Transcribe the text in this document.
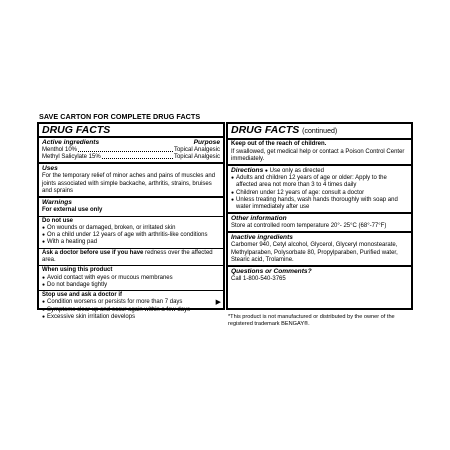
SAVE CARTON FOR COMPLETE DRUG FACTS
DRUG FACTS
Active ingredients	Purpose
Menthol 10%	Topical Analgesic
Methyl Salicylate 15%	Topical Analgesic
Uses
For the temporary relief of minor aches and pains of muscles and joints associated with simple backache, arthritis, strains, bruises and sprains
Warnings
For external use only
Do not use
● On wounds or damaged, broken, or irritated skin
● On a child under 12 years of age with arthritis-like conditions
● With a heating pad
Ask a doctor before use if you have redness over the affected area.
When using this product
● Avoid contact with eyes or mucous membranes
● Do not bandage tightly
Stop use and ask a doctor if
● Condition worsens or persists for more than 7 days
● Symptoms clear up and occur again within a few days
● Excessive skin irritation develops
▶
DRUG FACTS (continued)
Keep out of the reach of children.
If swallowed, get medical help or contact a Poison Control Center immediately.
Directions ● Use only as directed
● Adults and children 12 years of age or older: Apply to the affected area not more than 3 to 4 times daily
● Children under 12 years of age: consult a doctor
● Unless treating hands, wash hands thoroughly with soap and water immediately after use
Other information
Store at controlled room temperature 20°- 25°C (68°-77°F)
Inactive ingredients
Carbomer 940, Cetyl alcohol, Glycerol, Glyceryl monostearate, Methylparaben, Polysorbate 80, Propylparaben, Purified water, Stearic acid, Trolamine.
Questions or Comments?
Call 1-800-540-3765
*This product is not manufactured or distributed by the owner of the registered trademark BENGAY®.
